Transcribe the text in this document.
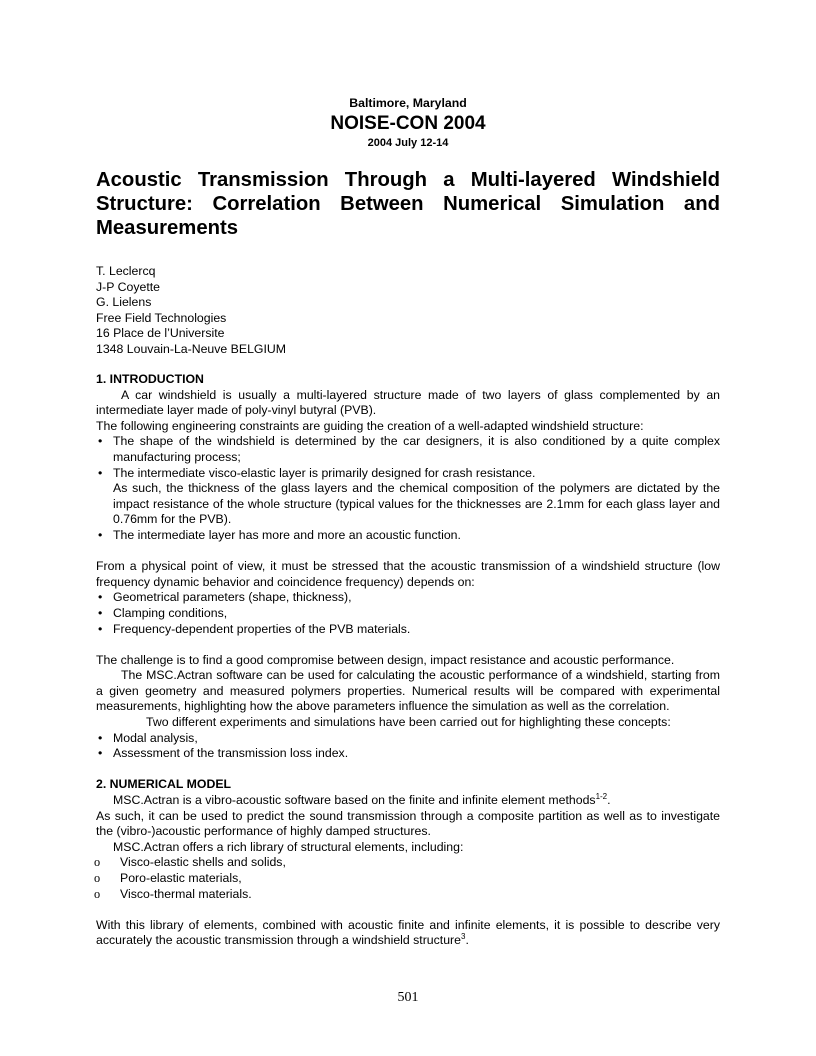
Baltimore, Maryland
NOISE-CON 2004
2004 July 12-14
Acoustic Transmission Through a Multi-layered Windshield Structure: Correlation Between Numerical Simulation and Measurements
T. Leclercq
J-P Coyette
G. Lielens
Free Field Technologies
16 Place de l’Universite
1348 Louvain-La-Neuve BELGIUM
1. INTRODUCTION

A car windshield is usually a multi-layered structure made of two layers of glass complemented by an intermediate layer made of poly-vinyl butyral (PVB).

The following engineering constraints are guiding the creation of a well-adapted windshield structure:

• The shape of the windshield is determined by the car designers, it is also conditioned by a quite complex manufacturing process;
• The intermediate visco-elastic layer is primarily designed for crash resistance.
As such, the thickness of the glass layers and the chemical composition of the polymers are dictated by the impact resistance of the whole structure (typical values for the thicknesses are 2.1mm for each glass layer and 0.76mm for the PVB).
• The intermediate layer has more and more an acoustic function.

From a physical point of view, it must be stressed that the acoustic transmission of a windshield structure (low frequency dynamic behavior and coincidence frequency) depends on:

• Geometrical parameters (shape, thickness),
• Clamping conditions,
• Frequency-dependent properties of the PVB materials.

The challenge is to find a good compromise between design, impact resistance and acoustic performance.

The MSC.Actran software can be used for calculating the acoustic performance of a windshield, starting from a given geometry and measured polymers properties. Numerical results will be compared with experimental measurements, highlighting how the above parameters influence the simulation as well as the correlation.

Two different experiments and simulations have been carried out for highlighting these concepts:

• Modal analysis,
• Assessment of the transmission loss index.
2. NUMERICAL MODEL

MSC.Actran is a vibro-acoustic software based on the finite and infinite element methods$^{1-2}$.

As such, it can be used to predict the sound transmission through a composite partition as well as to investigate the (vibro-)acoustic performance of highly damped structures.

MSC.Actran offers a rich library of structural elements, including:

ο Visco-elastic shells and solids,
ο Poro-elastic materials,
ο Visco-thermal materials.

With this library of elements, combined with acoustic finite and infinite elements, it is possible to describe very accurately the acoustic transmission through a windshield structure$^3$.

501
